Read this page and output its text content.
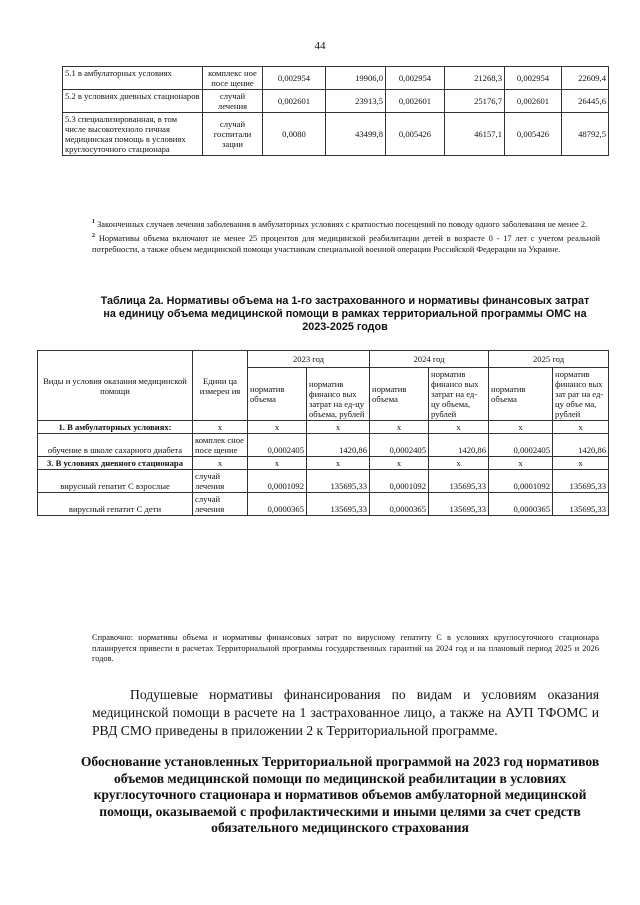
44
5.1 в амбулаторных условиях	комплекс ное посе щение	0,002954	19906,0	0,002954	21268,3	0,002954	22609,4
5.2 в условиях дневных стационаров	случай лечения	0,002601	23913,5	0,002601	25176,7	0,002601	26445,6
5.3 специализированная, в том числе высокотехноло гичная медицинская помощь в условиях круглосуточного стационара	случай госпитали зации	0,0080	43499,8	0,005426	46157,1	0,005426	48792,5

$^1$ Законченных случаев лечения заболевания в амбулаторных условиях с кратностью посещений по поводу одного заболевания не менее 2.

$^2$ Нормативы объема включают не менее 25 процентов для медицинской реабилитации детей в возрасте 0 - 17 лет с учетом реальной потребности, а также объем медицинской помощи участникам специальной военной операции Российской Федерации на Украине.

Таблица 2а. Нормативы объема на 1-го застрахованного и нормативы финансовых затрат на единицу объема медицинской помощи в рамках территориальной программы ОМС на 2023-2025 годов
Виды и условия оказания медицинской помощи	Едини ца измерен ия	2023 год		2024 год		2025 год	
		норматив объема	норматив финансо вых затрат на ед-цу объема, рублей	норматив объема	норматив финансо вых затрат на ед-цу объема, рублей	норматив объема	норматив финансо вых зат рат на ед-цу объе ма, рублей
1. В амбулаторных условиях:	х	х	х	х	х	х	х
обучение в школе сахарного диабета	комплек сное посе щение	0,0002405	1420,86	0,0002405	1420,86	0,0002405	1420,86
3. В условиях дневного стационара	х	х	х	х	х	х	х
вирусный гепатит С взрослые	случай лечения	0,0001092	135695,33	0,0001092	135695,33	0,0001092	135695,33
вирусный гепатит С дети	случай лечения	0,0000365	135695,33	0,0000365	135695,33	0,0000365	135695,33
Справочно: нормативы объема и нормативы финансовых затрат по вирусному гепатиту С в условиях круглосуточного стационара планируется привести в расчетах Территориальной программы государственных гарантий на 2024 год и на плановый период 2025 и 2026 годов.

Подушевые нормативы финансирования по видам и условиям оказания медицинской помощи в расчете на 1 застрахованное лицо, а также на АУП ТФОМС и РВД СМО приведены в приложении 2 к Территориальной программе.

Обоснование установленных Территориальной программой на 2023 год нормативов объемов медицинской помощи по медицинской реабилитации в условиях круглосуточного стационара и нормативов объемов амбулаторной медицинской помощи, оказываемой с профилактическими и иными целями за счет средств обязательного медицинского страхования
